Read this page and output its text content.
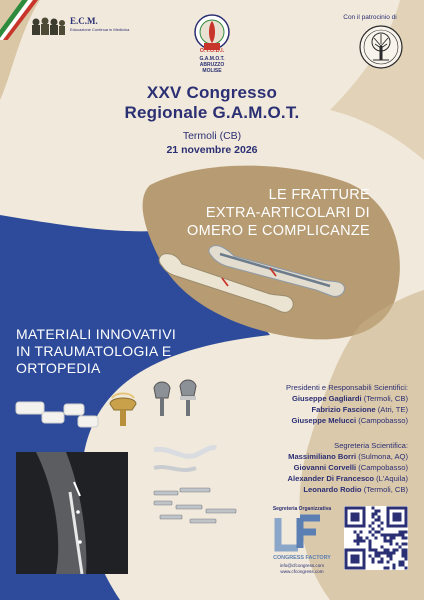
E.C.M.
Educazione Continua in Medicina
O.T.O.D.I.
G.A.M.O.T.
ABRUZZO
MOLISE
Con il patrocinio di
XXV Congresso
Regionale G.A.M.O.T.
Termoli (CB)
21 novembre 2026
LE FRATTURE
EXTRA-ARTICOLARI DI
OMERO E COMPLICANZE
MATERIALI INNOVATIVI
IN TRAUMATOLOGIA E
ORTOPEDIA
Presidenti e Responsabili Scientifici:
Giuseppe Gagliardi (Termoli, CB)
Fabrizio Fascione (Atri, TE)
Giuseppe Melucci (Campobasso)
Segreteria Scientifica:
Massimiliano Borri (Sulmona, AQ)
Giovanni Corvelli (Campobasso)
Alexander Di Francesco (L'Aquila)
Leonardo Rodio (Termoli, CB)
Segreteria Organizzativa
CONGRESS FACTORY
info@cfcongress.com
www.cfcongress.com
